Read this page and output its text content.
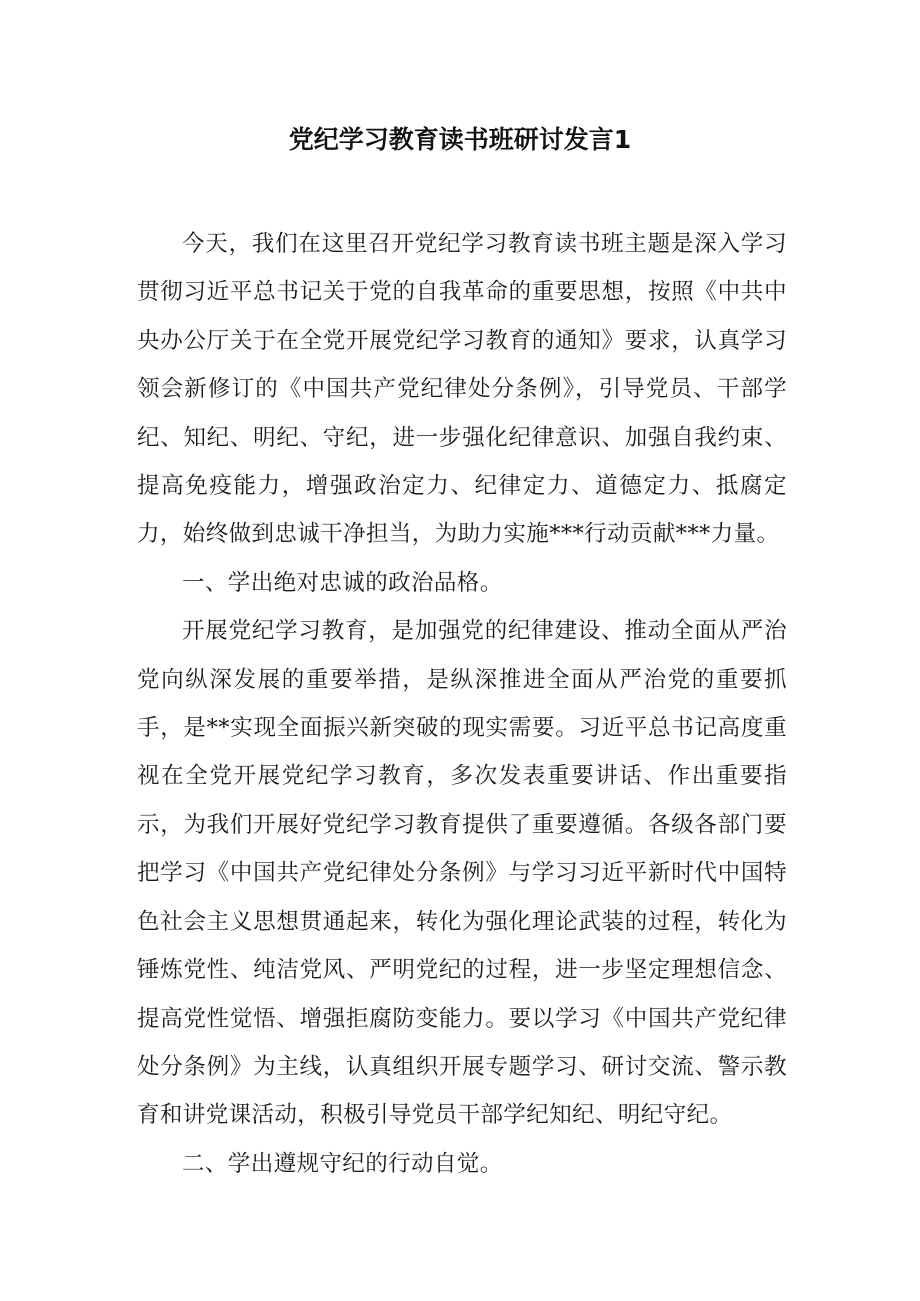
党纪学习教育读书班研讨发言1

今天，我们在这里召开党纪学习教育读书班主题是深入学习贯彻习近平总书记关于党的自我革命的重要思想，按照《中共中央办公厅关于在全党开展党纪学习教育的通知》要求，认真学习领会新修订的《中国共产党纪律处分条例》，引导党员、干部学纪、知纪、明纪、守纪，进一步强化纪律意识、加强自我约束、提高免疫能力，增强政治定力、纪律定力、道德定力、抵腐定力，始终做到忠诚干净担当，为助力实施***行动贡献***力量。

一、学出绝对忠诚的政治品格。

开展党纪学习教育，是加强党的纪律建设、推动全面从严治党向纵深发展的重要举措，是纵深推进全面从严治党的重要抓手，是**实现全面振兴新突破的现实需要。习近平总书记高度重视在全党开展党纪学习教育，多次发表重要讲话、作出重要指示，为我们开展好党纪学习教育提供了重要遵循。各级各部门要把学习《中国共产党纪律处分条例》与学习习近平新时代中国特色社会主义思想贯通起来，转化为强化理论武装的过程，转化为锤炼党性、纯洁党风、严明党纪的过程，进一步坚定理想信念、提高党性觉悟、增强拒腐防变能力。要以学习《中国共产党纪律处分条例》为主线，认真组织开展专题学习、研讨交流、警示教育和讲党课活动，积极引导党员干部学纪知纪、明纪守纪。

二、学出遵规守纪的行动自觉。
